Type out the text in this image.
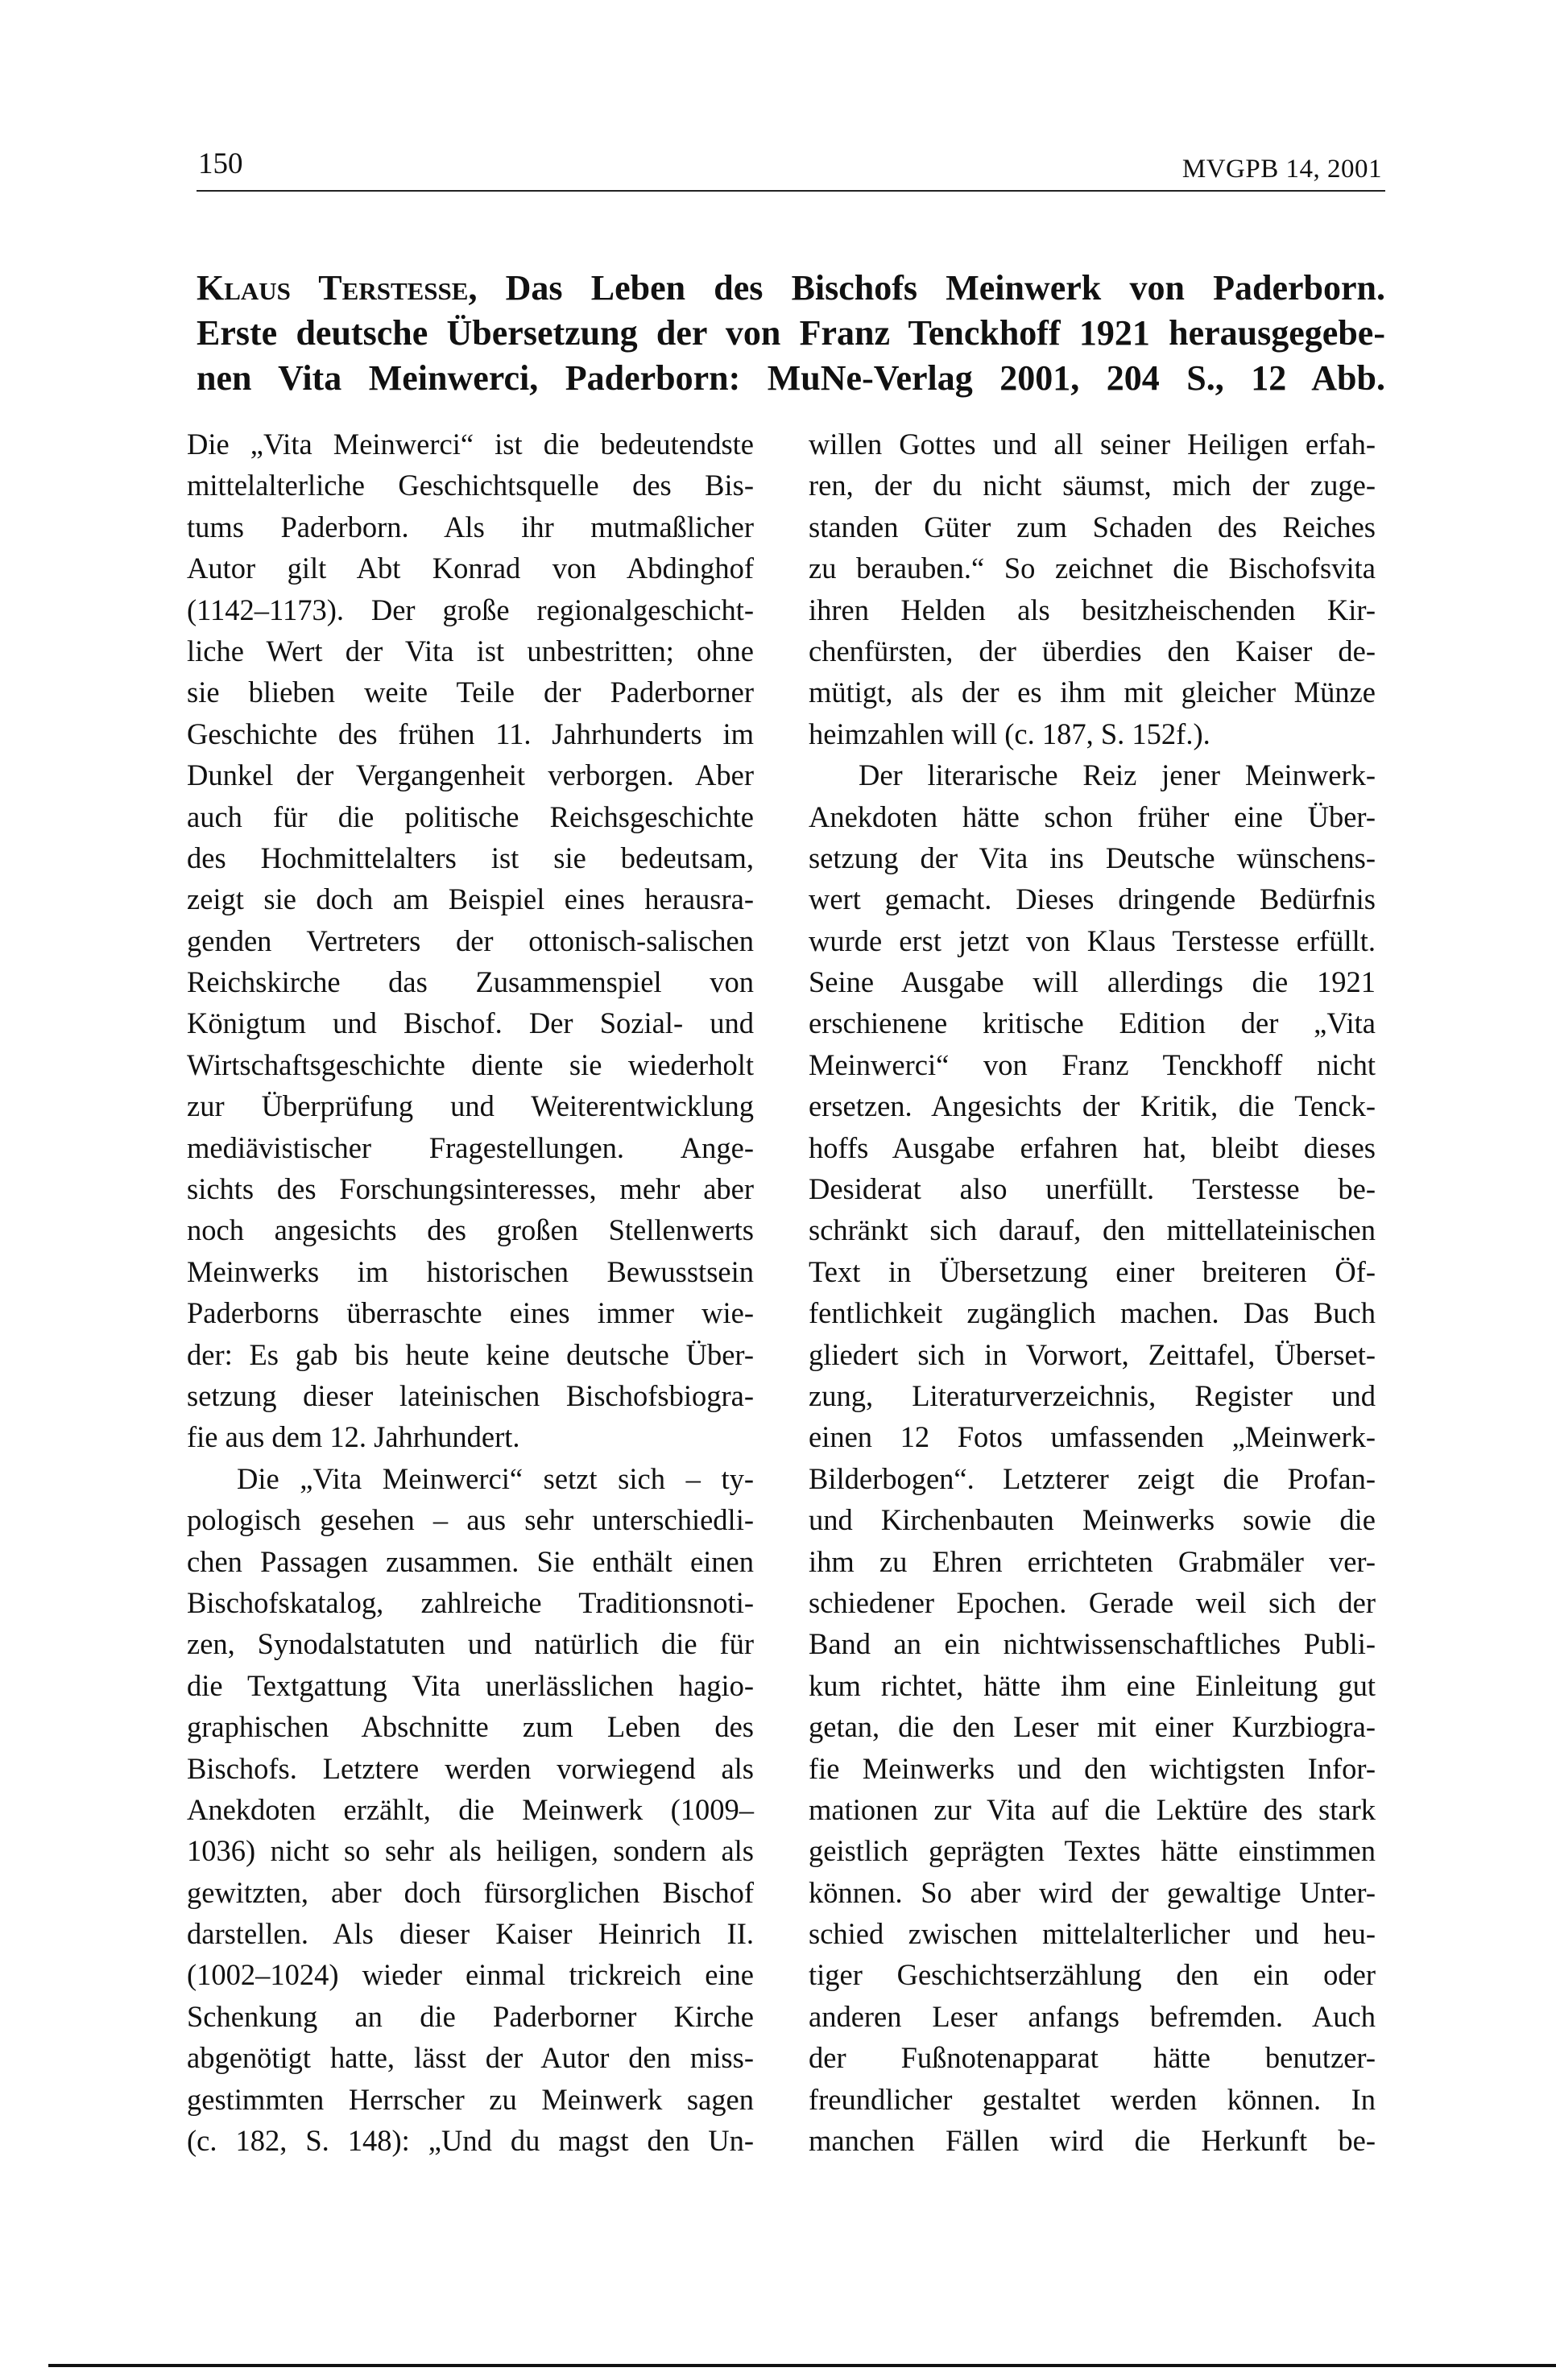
150	MVGPB 14, 2001
Klaus Terstesse, Das Leben des Bischofs Meinwerk von Paderborn.
Erste deutsche Übersetzung der von Franz Tenckhoff 1921 herausgegebe-
nen Vita Meinwerci, Paderborn: MuNe-Verlag 2001, 204 S., 12 Abb.

Die „Vita Meinwerci“ ist die bedeutendste
mittelalterliche Geschichtsquelle des Bis-
tums Paderborn. Als ihr mutmaßlicher
Autor gilt Abt Konrad von Abdinghof
(1142–1173). Der große regionalgeschicht-
liche Wert der Vita ist unbestritten; ohne
sie blieben weite Teile der Paderborner
Geschichte des frühen 11. Jahrhunderts im
Dunkel der Vergangenheit verborgen. Aber
auch für die politische Reichsgeschichte
des Hochmittelalters ist sie bedeutsam,
zeigt sie doch am Beispiel eines herausra-
genden Vertreters der ottonisch-salischen
Reichskirche das Zusammenspiel von
Königtum und Bischof. Der Sozial- und
Wirtschaftsgeschichte diente sie wiederholt
zur Überprüfung und Weiterentwicklung
mediävistischer Fragestellungen. Ange-
sichts des Forschungsinteresses, mehr aber
noch angesichts des großen Stellenwerts
Meinwerks im historischen Bewusstsein
Paderborns überraschte eines immer wie-
der: Es gab bis heute keine deutsche Über-
setzung dieser lateinischen Bischofsbiogra-
fie aus dem 12. Jahrhundert.

Die „Vita Meinwerci“ setzt sich – ty-
pologisch gesehen – aus sehr unterschiedli-
chen Passagen zusammen. Sie enthält einen
Bischofskatalog, zahlreiche Traditionsnoti-
zen, Synodalstatuten und natürlich die für
die Textgattung Vita unerlässlichen hagio-
graphischen Abschnitte zum Leben des
Bischofs. Letztere werden vorwiegend als
Anekdoten erzählt, die Meinwerk (1009–
1036) nicht so sehr als heiligen, sondern als
gewitzten, aber doch fürsorglichen Bischof
darstellen. Als dieser Kaiser Heinrich II.
(1002–1024) wieder einmal trickreich eine
Schenkung an die Paderborner Kirche
abgenötigt hatte, lässt der Autor den miss-
gestimmten Herrscher zu Meinwerk sagen
(c. 182, S. 148): „Und du magst den Un-

willen Gottes und all seiner Heiligen erfah-
ren, der du nicht säumst, mich der zuge-
standen Güter zum Schaden des Reiches
zu berauben.“ So zeichnet die Bischofsvita
ihren Helden als besitzheischenden Kir-
chenfürsten, der überdies den Kaiser de-
mütigt, als der es ihm mit gleicher Münze
heimzahlen will (c. 187, S. 152f.).

Der literarische Reiz jener Meinwerk-
Anekdoten hätte schon früher eine Über-
setzung der Vita ins Deutsche wünschens-
wert gemacht. Dieses dringende Bedürfnis
wurde erst jetzt von Klaus Terstesse erfüllt.
Seine Ausgabe will allerdings die 1921
erschienene kritische Edition der „Vita
Meinwerci“ von Franz Tenckhoff nicht
ersetzen. Angesichts der Kritik, die Tenck-
hoffs Ausgabe erfahren hat, bleibt dieses
Desiderat also unerfüllt. Terstesse be-
schränkt sich darauf, den mittellateinischen
Text in Übersetzung einer breiteren Öf-
fentlichkeit zugänglich machen. Das Buch
gliedert sich in Vorwort, Zeittafel, Überset-
zung, Literaturverzeichnis, Register und
einen 12 Fotos umfassenden „Meinwerk-
Bilderbogen“. Letzterer zeigt die Profan-
und Kirchenbauten Meinwerks sowie die
ihm zu Ehren errichteten Grabmäler ver-
schiedener Epochen. Gerade weil sich der
Band an ein nichtwissenschaftliches Publi-
kum richtet, hätte ihm eine Einleitung gut
getan, die den Leser mit einer Kurzbiogra-
fie Meinwerks und den wichtigsten Infor-
mationen zur Vita auf die Lektüre des stark
geistlich geprägten Textes hätte einstimmen
können. So aber wird der gewaltige Unter-
schied zwischen mittelalterlicher und heu-
tiger Geschichtserzählung den ein oder
anderen Leser anfangs befremden. Auch
der Fußnotenapparat hätte benutzer-
freundlicher gestaltet werden können. In
manchen Fällen wird die Herkunft be-
